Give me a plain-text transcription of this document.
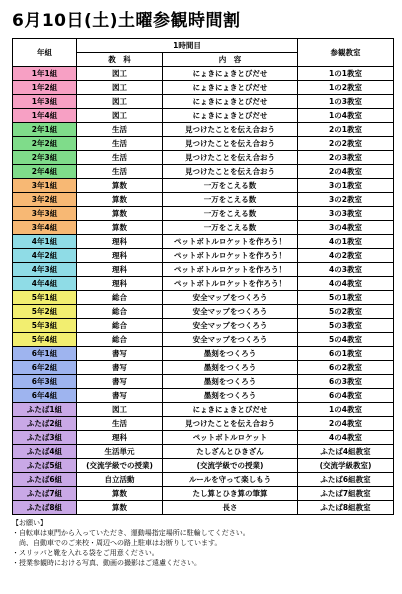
6月10日(土)土曜参観時間割
年組	1時間目		参観教室
	教　科	内　容	
1年1組	図工	にょきにょきとびだせ	1の1教室
1年2組	図工	にょきにょきとびだせ	1の2教室
1年3組	図工	にょきにょきとびだせ	1の3教室
1年4組	図工	にょきにょきとびだせ	1の4教室
2年1組	生活	見つけたことを伝え合おう	2の1教室
2年2組	生活	見つけたことを伝え合おう	2の2教室
2年3組	生活	見つけたことを伝え合おう	2の3教室
2年4組	生活	見つけたことを伝え合おう	2の4教室
3年1組	算数	一万をこえる数	3の1教室
3年2組	算数	一万をこえる数	3の2教室
3年3組	算数	一万をこえる数	3の3教室
3年4組	算数	一万をこえる数	3の4教室
4年1組	理科	ペットボトルロケットを作ろう！	4の1教室
4年2組	理科	ペットボトルロケットを作ろう！	4の2教室
4年3組	理科	ペットボトルロケットを作ろう！	4の3教室
4年4組	理科	ペットボトルロケットを作ろう！	4の4教室
5年1組	総合	安全マップをつくろう	5の1教室
5年2組	総合	安全マップをつくろう	5の2教室
5年3組	総合	安全マップをつくろう	5の3教室
5年4組	総合	安全マップをつくろう	5の4教室
6年1組	書写	墨刻をつくろう	6の1教室
6年2組	書写	墨刻をつくろう	6の2教室
6年3組	書写	墨刻をつくろう	6の3教室
6年4組	書写	墨刻をつくろう	6の4教室
ふたば1組	図工	にょきにょきとびだせ	1の4教室
ふたば2組	生活	見つけたことを伝え合おう	2の4教室
ふたば3組	理科	ペットボトルロケット	4の4教室
ふたば4組	生活単元	たしざんとひきざん	ふたば4組教室
ふたば5組	(交流学級での授業)	(交流学級での授業)	(交流学級教室)
ふたば6組	自立活動	ルールを守って楽しもう	ふたば6組教室
ふたば7組	算数	たし算とひき算の筆算	ふたば7組教室
ふたば8組	算数	長さ	ふたば8組教室
【お願い】
・自転車は東門から入っていただき、運動場指定場所に駐輪してください。
　尚、自動車でのご来校・周辺への路上駐車はお断りしています。
・スリッパと靴を入れる袋をご用意ください。
・授業参観時における写真、動画の撮影はご遠慮ください。
